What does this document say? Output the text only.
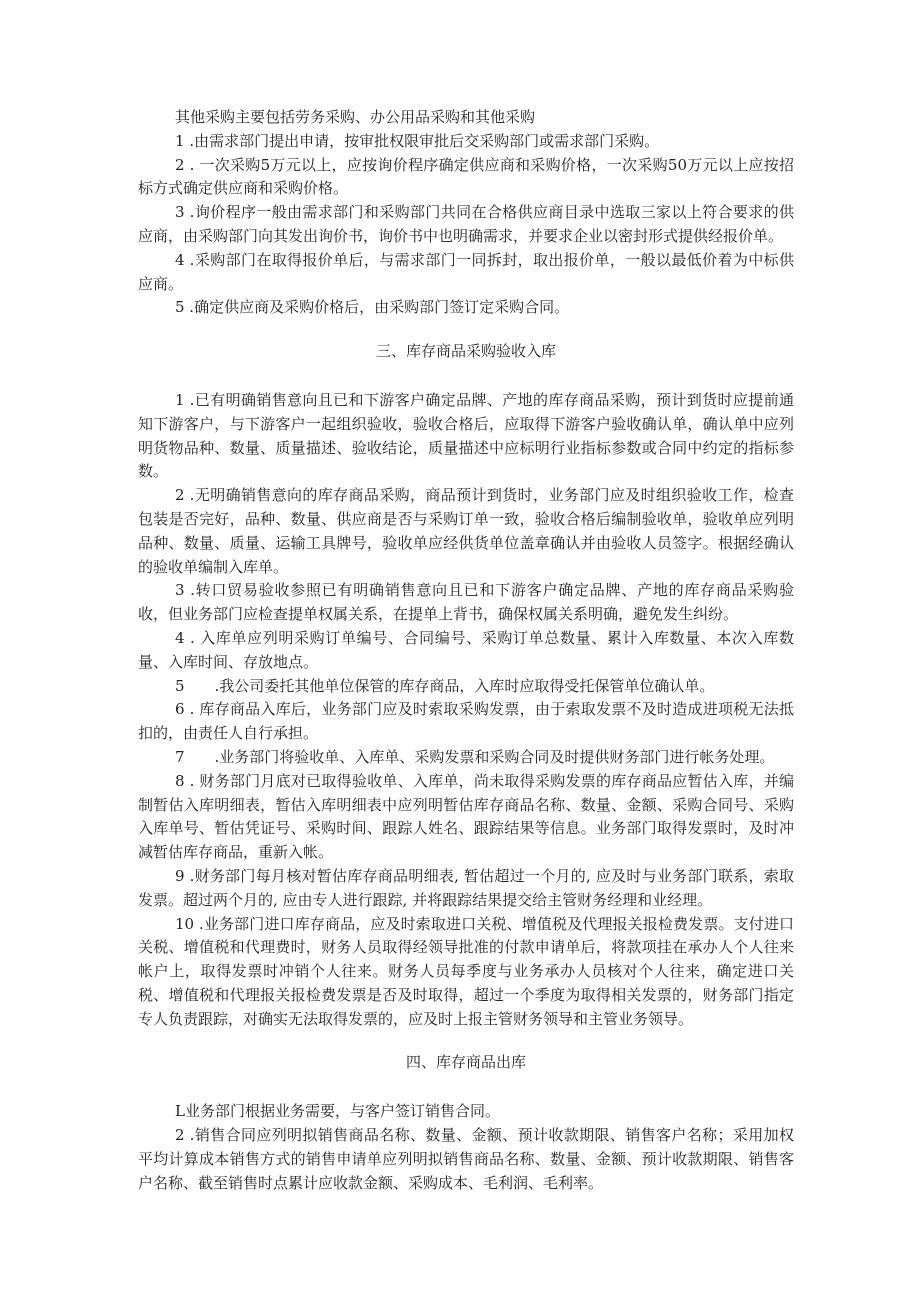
其他采购主要包括劳务采购、办公用品采购和其他采购

1 .由需求部门提出申请，按审批权限审批后交采购部门或需求部门采购。

2 . 一次采购5万元以上，应按询价程序确定供应商和采购价格，一次采购50万元以上应按招标方式确定供应商和采购价格。

3 .询价程序一般由需求部门和采购部门共同在合格供应商目录中选取三家以上符合要求的供应商，由采购部门向其发出询价书，询价书中也明确需求，并要求企业以密封形式提供经报价单。

4 .采购部门在取得报价单后，与需求部门一同拆封，取出报价单，一般以最低价着为中标供应商。

5 .确定供应商及采购价格后，由采购部门签订定采购合同。

三、库存商品采购验收入库

1 .已有明确销售意向且已和下游客户确定品牌、产地的库存商品采购，预计到货时应提前通知下游客户，与下游客户一起组织验收，验收合格后，应取得下游客户验收确认单，确认单中应列明货物品种、数量、质量描述、验收结论，质量描述中应标明行业指标参数或合同中约定的指标参数。

2 .无明确销售意向的库存商品采购，商品预计到货时，业务部门应及时组织验收工作，检查包装是否完好，品种、数量、供应商是否与采购订单一致，验收合格后编制验收单，验收单应列明品种、数量、质量、运输工具牌号，验收单应经供货单位盖章确认并由验收人员签字。根据经确认的验收单编制入库单。

3 .转口贸易验收参照已有明确销售意向且已和下游客户确定品牌、产地的库存商品采购验收，但业务部门应检查提单权属关系，在提单上背书，确保权属关系明确，避免发生纠纷。

4 . 入库单应列明采购订单编号、合同编号、采购订单总数量、累计入库数量、本次入库数量、入库时间、存放地点。

5　　.我公司委托其他单位保管的库存商品，入库时应取得受托保管单位确认单。

6 . 库存商品入库后，业务部门应及时索取采购发票，由于索取发票不及时造成进项税无法抵扣的，由责任人自行承担。

7　　.业务部门将验收单、入库单、采购发票和采购合同及时提供财务部门进行帐务处理。

8 . 财务部门月底对已取得验收单、入库单，尚未取得采购发票的库存商品应暂估入库，并编制暂估入库明细表，暂估入库明细表中应列明暂估库存商品名称、数量、金额、采购合同号、采购入库单号、暂估凭证号、采购时间、跟踪人姓名、跟踪结果等信息。业务部门取得发票时，及时冲减暂估库存商品，重新入帐。

9 .财务部门每月核对暂估库存商品明细表, 暂估超过一个月的, 应及时与业务部门联系，索取发票。超过两个月的, 应由专人进行跟踪, 并将跟踪结果提交给主管财务经理和业经理。

10 .业务部门进口库存商品，应及时索取进口关税、增值税及代理报关报检费发票。支付进口关税、增值税和代理费时，财务人员取得经领导批准的付款申请单后，将款项挂在承办人个人往来帐户上，取得发票时冲销个人往来。财务人员每季度与业务承办人员核对个人往来，确定进口关税、增值税和代理报关报检费发票是否及时取得，超过一个季度为取得相关发票的，财务部门指定专人负责跟踪，对确实无法取得发票的，应及时上报主管财务领导和主管业务领导。

四、库存商品出库

L业务部门根据业务需要，与客户签订销售合同。

2 .销售合同应列明拟销售商品名称、数量、金额、预计收款期限、销售客户名称；采用加权平均计算成本销售方式的销售申请单应列明拟销售商品名称、数量、金额、预计收款期限、销售客户名称、截至销售时点累计应收款金额、采购成本、毛利润、毛利率。
